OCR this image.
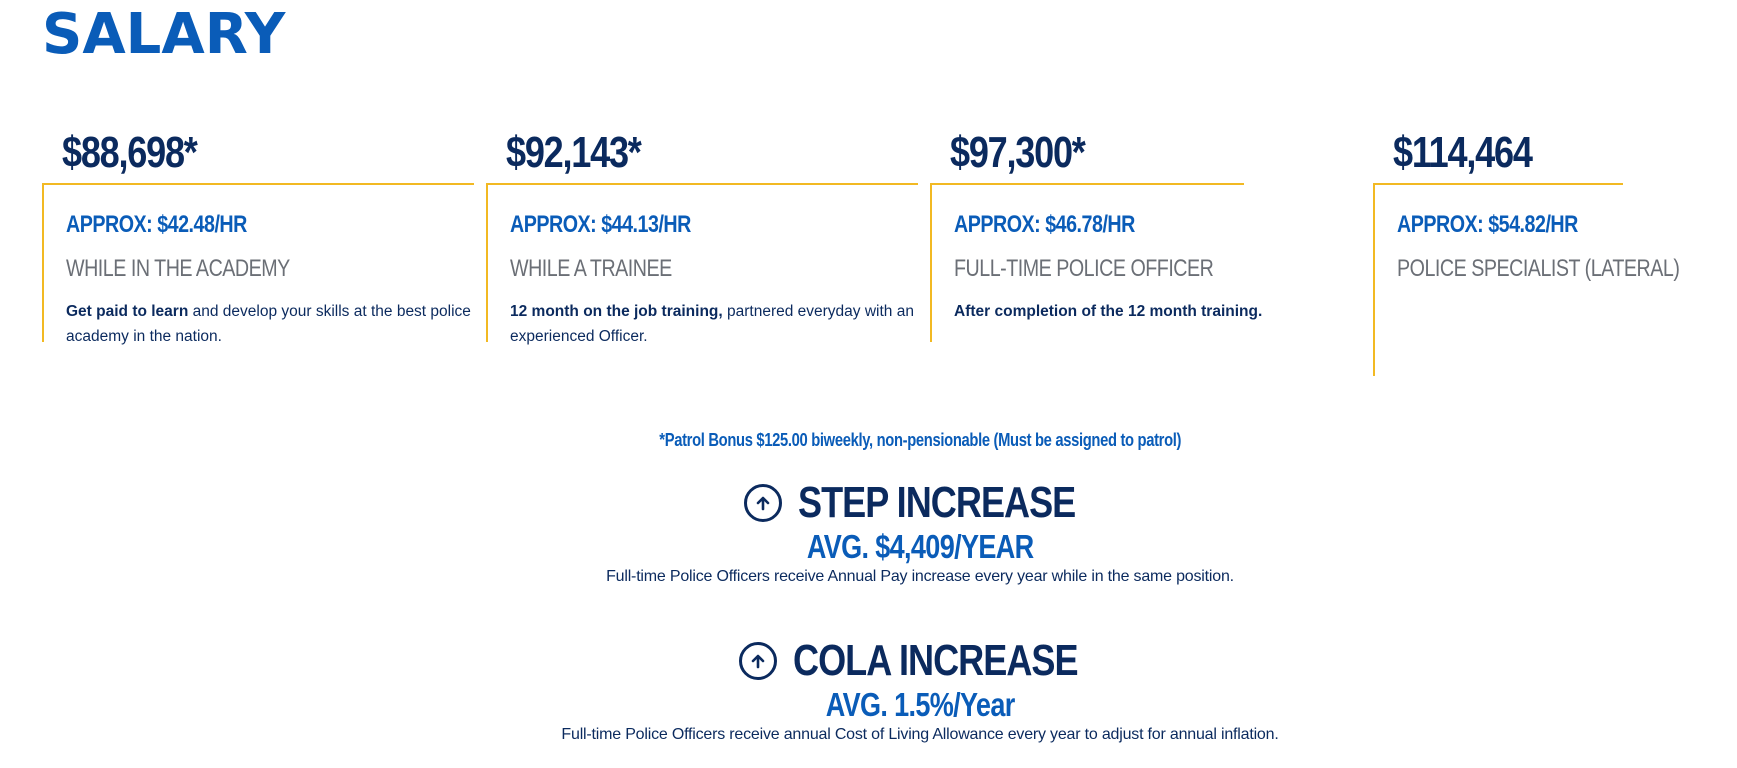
SALARY
$88,698*
APPROX: $42.48/HR
WHILE IN THE ACADEMY
Get paid to learn and develop your skills at the best police academy in the nation.
$92,143*
APPROX: $44.13/HR
WHILE A TRAINEE
12 month on the job training, partnered everyday with an experienced Officer.
$97,300*
APPROX: $46.78/HR
FULL-TIME POLICE OFFICER
After completion of the 12 month training.
$114,464
APPROX: $54.82/HR
POLICE SPECIALIST (LATERAL)
*Patrol Bonus $125.00 biweekly, non-pensionable (Must be assigned to patrol)
STEP INCREASE
AVG. $4,409/YEAR
Full-time Police Officers receive Annual Pay increase every year while in the same position.
COLA INCREASE
AVG. 1.5%/Year
Full-time Police Officers receive annual Cost of Living Allowance every year to adjust for annual inflation.
